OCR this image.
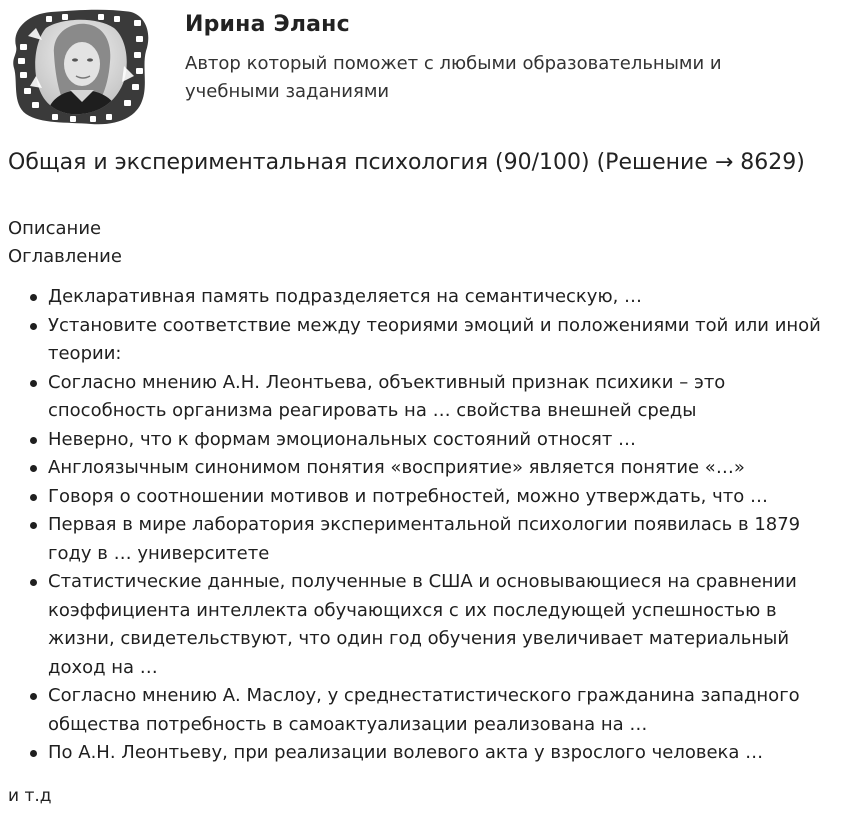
Ирина Эланс
Автор который поможет с любыми образовательными и учебными заданиями
Общая и экспериментальная психология (90/100) (Решение → 8629)
Описание
Оглавление
Декларативная память подразделяется на семантическую, …
Установите соответствие между теориями эмоций и положениями той или иной теории:
Согласно мнению А.Н. Леонтьева, объективный признак психики – это способность организма реагировать на … свойства внешней среды
Неверно, что к формам эмоциональных состояний относят …
Англоязычным синонимом понятия «восприятие» является понятие «…»
Говоря о соотношении мотивов и потребностей, можно утверждать, что …
Первая в мире лаборатория экспериментальной психологии появилась в 1879 году в … университете
Статистические данные, полученные в США и основывающиеся на сравнении коэффициента интеллекта обучающихся с их последующей успешностью в жизни, свидетельствуют, что один год обучения увеличивает материальный доход на …
Согласно мнению А. Маслоу, у среднестатистического гражданина западного общества потребность в самоактуализации реализована на …
По А.Н. Леонтьеву, при реализации волевого акта у взрослого человека …
и т.д
